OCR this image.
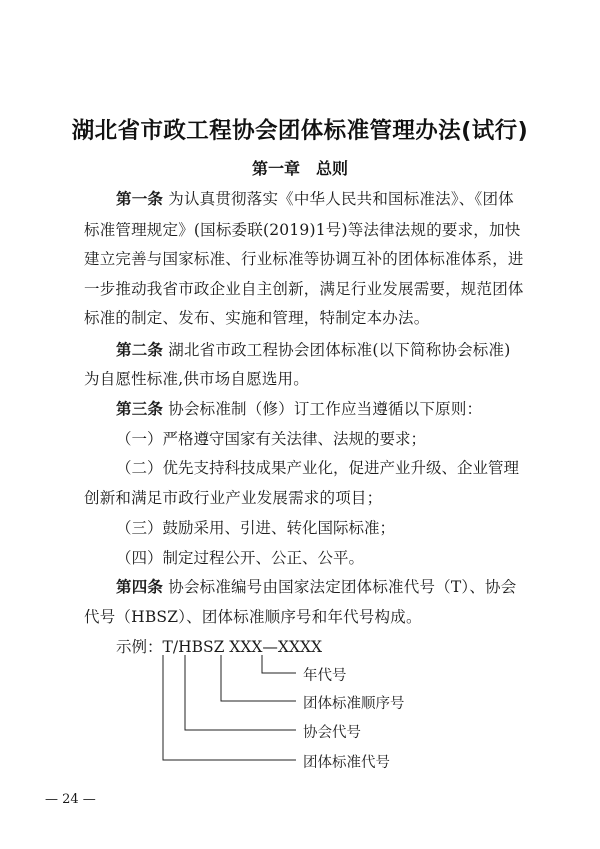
湖北省市政工程协会团体标准管理办法(试行)
第一章　总则
第一条 为认真贯彻落实《中华人民共和国标准法》、《团体
标准管理规定》(国标委联(2019)1号)等法律法规的要求，加快
建立完善与国家标准、行业标准等协调互补的团体标准体系，进
一步推动我省市政企业自主创新，满足行业发展需要，规范团体
标准的制定、发布、实施和管理，特制定本办法。
第二条 湖北省市政工程协会团体标准(以下简称协会标准)
为自愿性标准,供市场自愿选用。
第三条 协会标准制（修）订工作应当遵循以下原则：
（一）严格遵守国家有关法律、法规的要求；
（二）优先支持科技成果产业化，促进产业升级、企业管理
创新和满足市政行业产业发展需求的项目；
（三）鼓励采用、引进、转化国际标准；
（四）制定过程公开、公正、公平。
第四条 协会标准编号由国家法定团体标准代号（T）、协会
代号（HBSZ）、团体标准顺序号和年代号构成。
示例：T/HBSZ XXX—XXXX
年代号
团体标准顺序号
协会代号
团体标准代号
— 24 —
